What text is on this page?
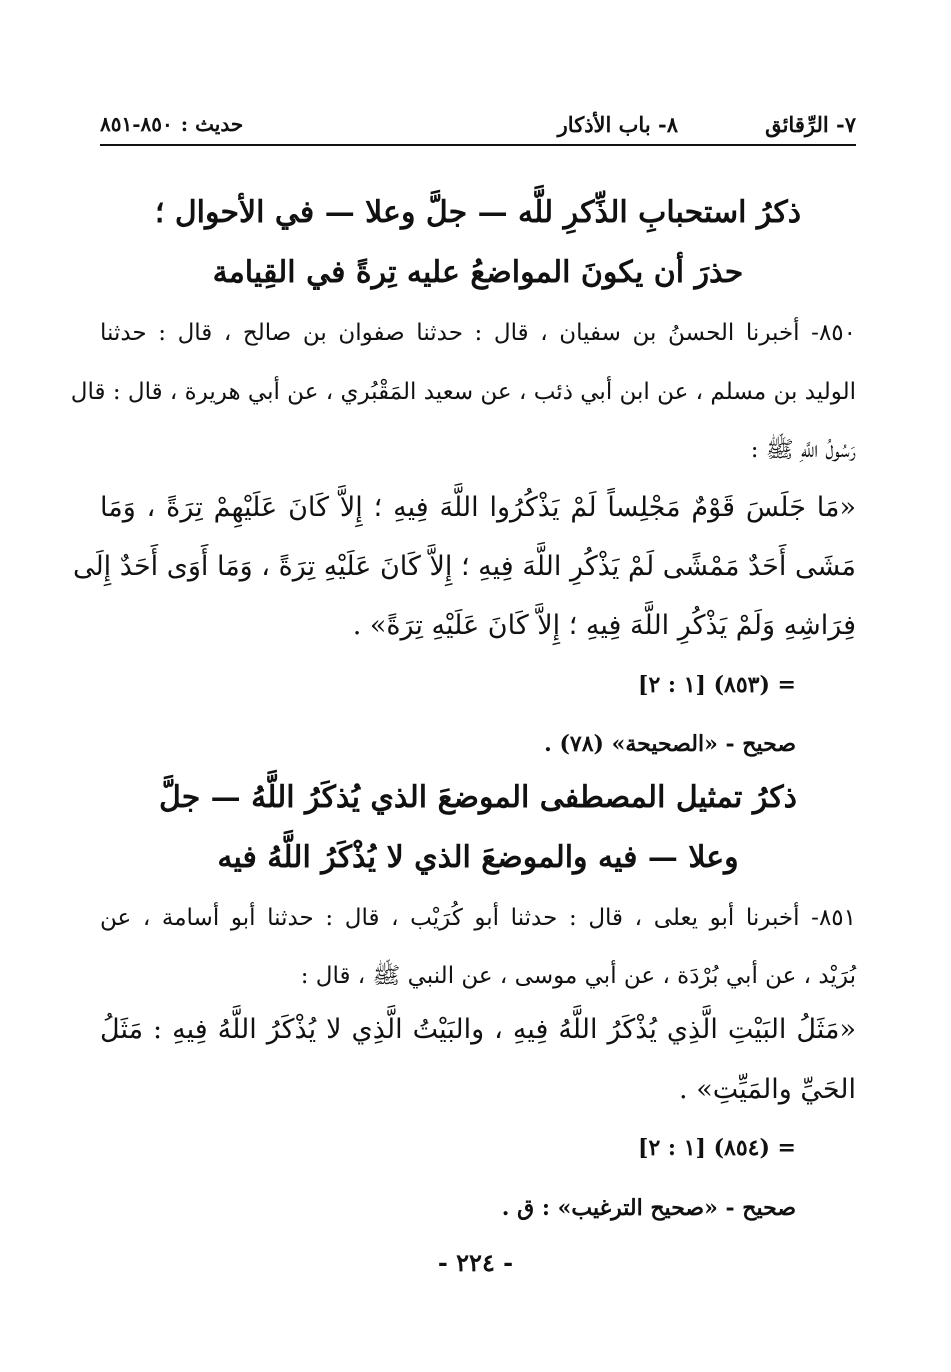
٧- الرِّقائق
٨- باب الأذكار
حديث :٨٥٠-٨٥١
ذكرُ استحبابِ الذِّكرِ للَّه — جلَّ وعلا — في الأحوال ؛
حذرَ أن يكونَ المواضعُ عليه تِرةً في القِيامة
٨٥٠- أخبرنا الحسنُ بن سفيان ، قال : حدثنا صفوان بن صالح ، قال : حدثنا
الوليد بن مسلم ، عن ابن أبي ذئب ، عن سعيد المَقْبُري ، عن أبي هريرة ، قال : قال
رَسُولُ اللَّهِ ﷺ :
«مَا جَلَسَ قَوْمٌ مَجْلِساً لَمْ يَذْكُرُوا اللَّهَ فِيهِ ؛ إِلاَّ كَانَ عَلَيْهِمْ تِرَةً ، وَمَا
مَشَى أَحَدٌ مَمْشًى لَمْ يَذْكُرِ اللَّهَ فِيهِ ؛ إِلاَّ كَانَ عَلَيْهِ تِرَةً ، وَمَا أَوَى أَحَدٌ إِلَى
فِرَاشِهِ وَلَمْ يَذْكُرِ اللَّهَ فِيهِ ؛ إِلاَّ كَانَ عَلَيْهِ تِرَةً» .
= (٨٥٣) [١ : ٢]
صحيح - «الصحيحة» (٧٨) .
ذكرُ تمثيل المصطفى الموضعَ الذي يُذكَرُ اللَّهُ — جلَّ
وعلا — فيه والموضعَ الذي لا يُذْكَرُ اللَّهُ فيه
٨٥١- أخبرنا أبو يعلى ، قال : حدثنا أبو كُرَيْب ، قال : حدثنا أبو أسامة ، عن
بُرَيْد ، عن أبي بُرْدَة ، عن أبي موسى ، عن النبي ﷺ ، قال :
«مَثَلُ البَيْتِ الَّذِي يُذْكَرُ اللَّهُ فِيهِ ، والبَيْتُ الَّذِي لا يُذْكَرُ اللَّهُ فِيهِ : مَثَلُ
الحَيِّ والمَيِّتِ» .
= (٨٥٤) [١ : ٢]
صحيح - «صحيح الترغيب» : ق .
- ٢٢٤ -
